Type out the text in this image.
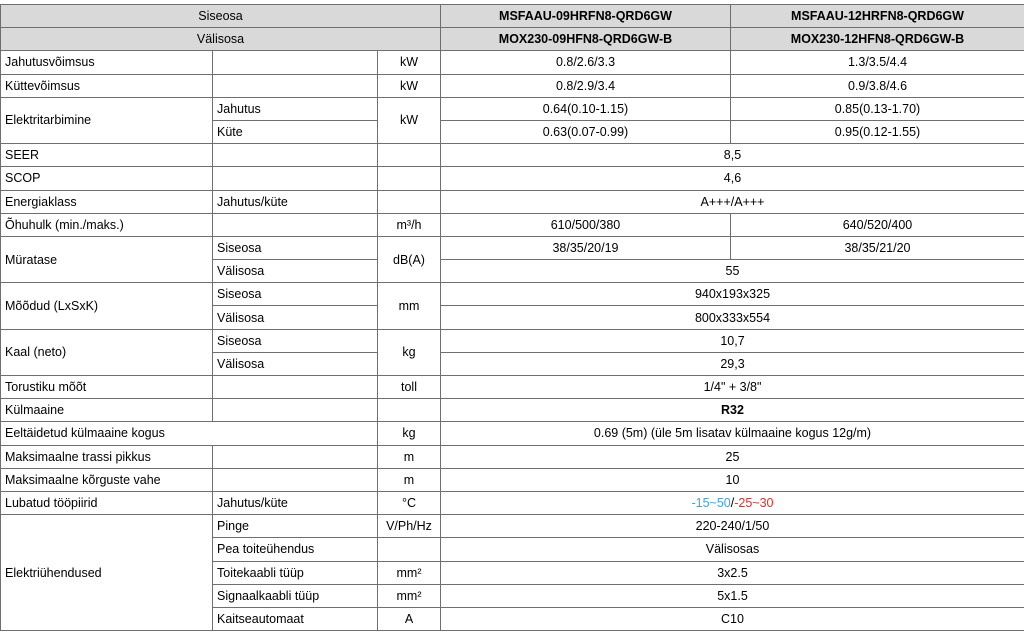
Siseosa			MSFAAU-09HRFN8-QRD6GW	MSFAAU-12HRFN8-QRD6GW
Välisosa			MOX230-09HFN8-QRD6GW-B	MOX230-12HFN8-QRD6GW-B
Jahutusvõimsus		kW	0.8/2.6/3.3	1.3/3.5/4.4
Küttevõimsus		kW	0.8/2.9/3.4	0.9/3.8/4.6
Elektritarbimine	Jahutus	kW	0.64(0.10-1.15)	0.85(0.13-1.70)
	Küte		0.63(0.07-0.99)	0.95(0.12-1.55)
SEER			8,5	
SCOP			4,6	
Energiaklass	Jahutus/küte		A+++/A+++	
Õhuhulk (min./maks.)		m³/h	610/500/380	640/520/400
Müratase	Siseosa	dB(A)	38/35/20/19	38/35/21/20
	Välisosa		55	
Mõõdud (LxSxK)	Siseosa	mm	940x193x325	
	Välisosa		800x333x554	
Kaal (neto)	Siseosa	kg	10,7	
	Välisosa		29,3	
Torustiku mõõt		toll	1/4" + 3/8"	
Külmaaine			R32	
Eeltäidetud külmaaine kogus		kg	0.69 (5m) (üle 5m lisatav külmaaine kogus 12g/m)	
Maksimaalne trassi pikkus		m	25	
Maksimaalne kõrguste vahe		m	10	
Lubatud tööpiirid	Jahutus/küte	°C	-15~50/-25~30	
Elektriühendused	Pinge	V/Ph/Hz	220-240/1/50	
	Pea toiteühendus		Välisosas	
	Toitekaabli tüüp	mm²	3x2.5	
	Signaalkaabli tüüp	mm²	5x1.5	
	Kaitseautomaat	A	C10	
